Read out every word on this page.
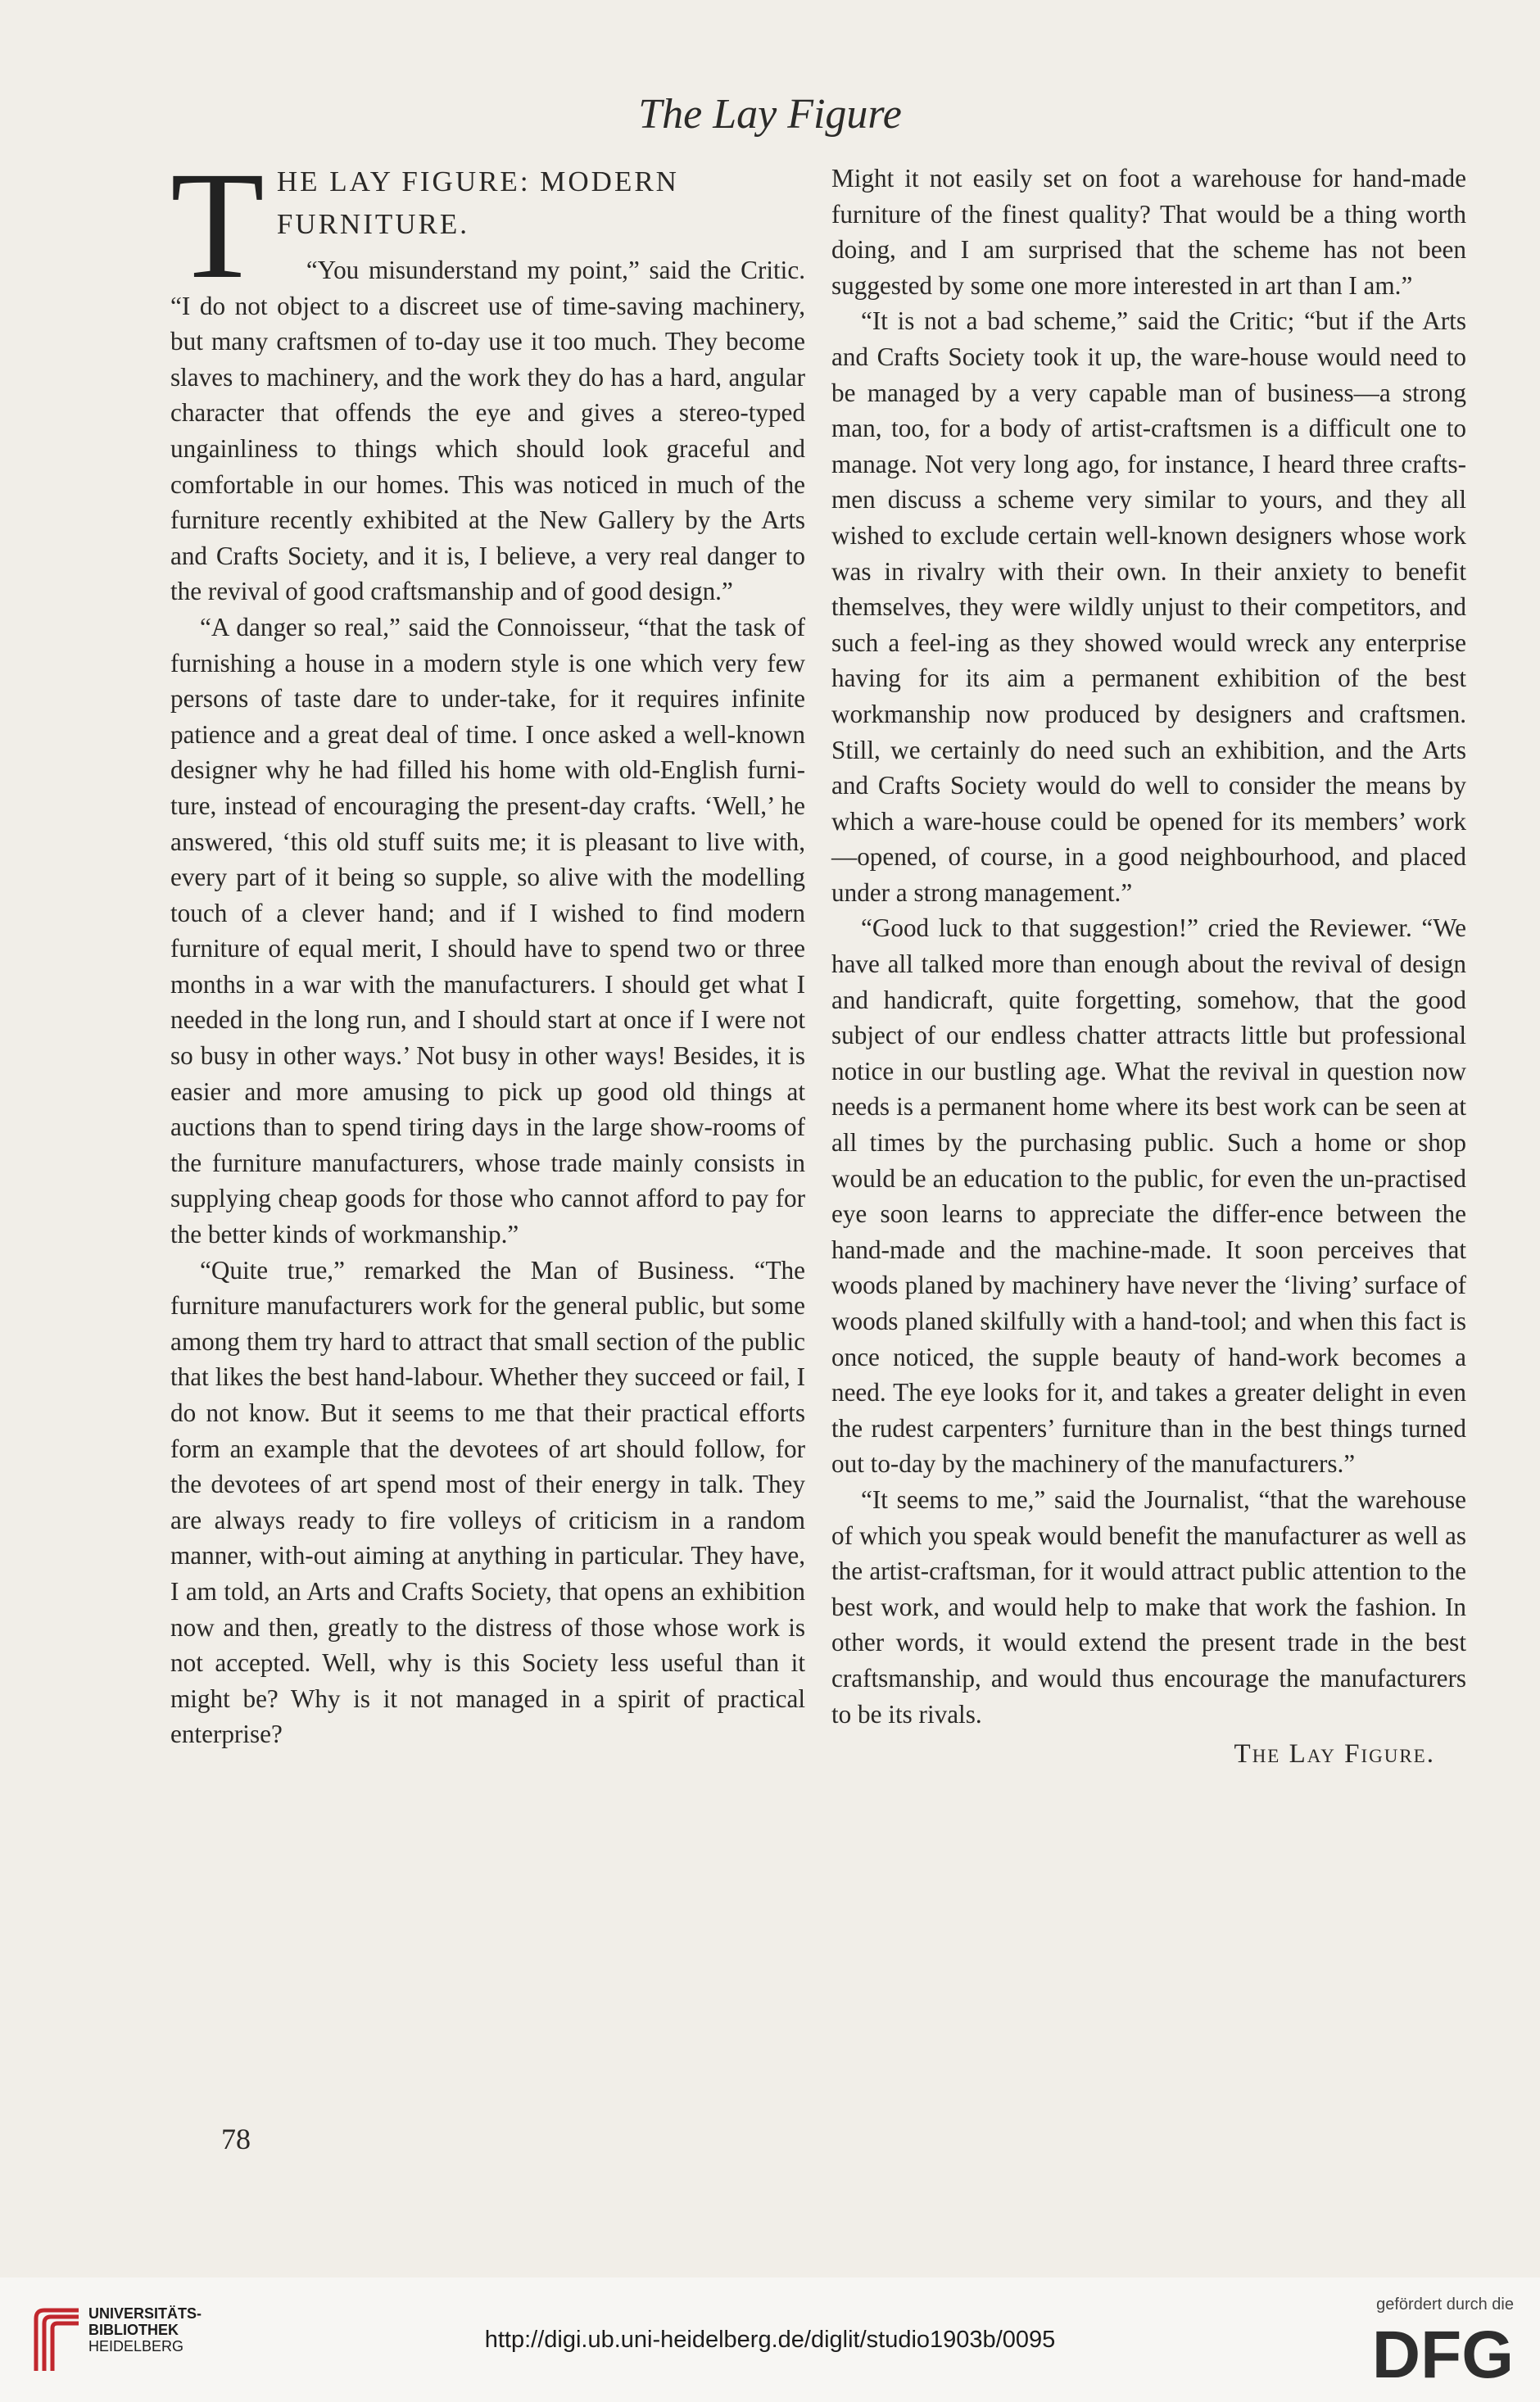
The Lay Figure
T HE LAY FIGURE: MODERN FURNITURE.

“You misunderstand my point,” said the Critic. “I do not object to a discreet use of time-saving machinery, but many craftsmen of to-day use it too much. They become slaves to machinery, and the work they do has a hard, angular character that offends the eye and gives a stereo-typed ungainliness to things which should look graceful and comfortable in our homes. This was noticed in much of the furniture recently exhibited at the New Gallery by the Arts and Crafts Society, and it is, I believe, a very real danger to the revival of good craftsmanship and of good design.”

“A danger so real,” said the Connoisseur, “that the task of furnishing a house in a modern style is one which very few persons of taste dare to under-take, for it requires infinite patience and a great deal of time. I once asked a well-known designer why he had filled his home with old-English furni-ture, instead of encouraging the present-day crafts. ‘Well,’ he answered, ‘this old stuff suits me; it is pleasant to live with, every part of it being so supple, so alive with the modelling touch of a clever hand; and if I wished to find modern furniture of equal merit, I should have to spend two or three months in a war with the manufacturers. I should get what I needed in the long run, and I should start at once if I were not so busy in other ways.’ Not busy in other ways! Besides, it is easier and more amusing to pick up good old things at auctions than to spend tiring days in the large show-rooms of the furniture manufacturers, whose trade mainly consists in supplying cheap goods for those who cannot afford to pay for the better kinds of workmanship.”

“Quite true,” remarked the Man of Business. “The furniture manufacturers work for the general public, but some among them try hard to attract that small section of the public that likes the best hand-labour. Whether they succeed or fail, I do not know. But it seems to me that their practical efforts form an example that the devotees of art should follow, for the devotees of art spend most of their energy in talk. They are always ready to fire volleys of criticism in a random manner, with-out aiming at anything in particular. They have, I am told, an Arts and Crafts Society, that opens an exhibition now and then, greatly to the distress of those whose work is not accepted. Well, why is this Society less useful than it might be? Why is it not managed in a spirit of practical enterprise?

Might it not easily set on foot a warehouse for hand-made furniture of the finest quality? That would be a thing worth doing, and I am surprised that the scheme has not been suggested by some one more interested in art than I am.”

“It is not a bad scheme,” said the Critic; “but if the Arts and Crafts Society took it up, the ware-house would need to be managed by a very capable man of business—a strong man, too, for a body of artist-craftsmen is a difficult one to manage. Not very long ago, for instance, I heard three crafts-men discuss a scheme very similar to yours, and they all wished to exclude certain well-known designers whose work was in rivalry with their own. In their anxiety to benefit themselves, they were wildly unjust to their competitors, and such a feel-ing as they showed would wreck any enterprise having for its aim a permanent exhibition of the best workmanship now produced by designers and craftsmen. Still, we certainly do need such an exhibition, and the Arts and Crafts Society would do well to consider the means by which a ware-house could be opened for its members’ work—opened, of course, in a good neighbourhood, and placed under a strong management.”

“Good luck to that suggestion!” cried the Reviewer. “We have all talked more than enough about the revival of design and handicraft, quite forgetting, somehow, that the good subject of our endless chatter attracts little but professional notice in our bustling age. What the revival in question now needs is a permanent home where its best work can be seen at all times by the purchasing public. Such a home or shop would be an education to the public, for even the un-practised eye soon learns to appreciate the differ-ence between the hand-made and the machine-made. It soon perceives that woods planed by machinery have never the ‘living’ surface of woods planed skilfully with a hand-tool; and when this fact is once noticed, the supple beauty of hand-work becomes a need. The eye looks for it, and takes a greater delight in even the rudest carpenters’ furniture than in the best things turned out to-day by the machinery of the manufacturers.”

“It seems to me,” said the Journalist, “that the warehouse of which you speak would benefit the manufacturer as well as the artist-craftsman, for it would attract public attention to the best work, and would help to make that work the fashion. In other words, it would extend the present trade in the best craftsmanship, and would thus encourage the manufacturers to be its rivals.

The Lay Figure.
78
UNIVERSITÄTS-
BIBLIOTHEK
HEIDELBERG	http://digi.ub.uni-heidelberg.de/diglit/studio1903b/0095
gefördert durch die
DFG
